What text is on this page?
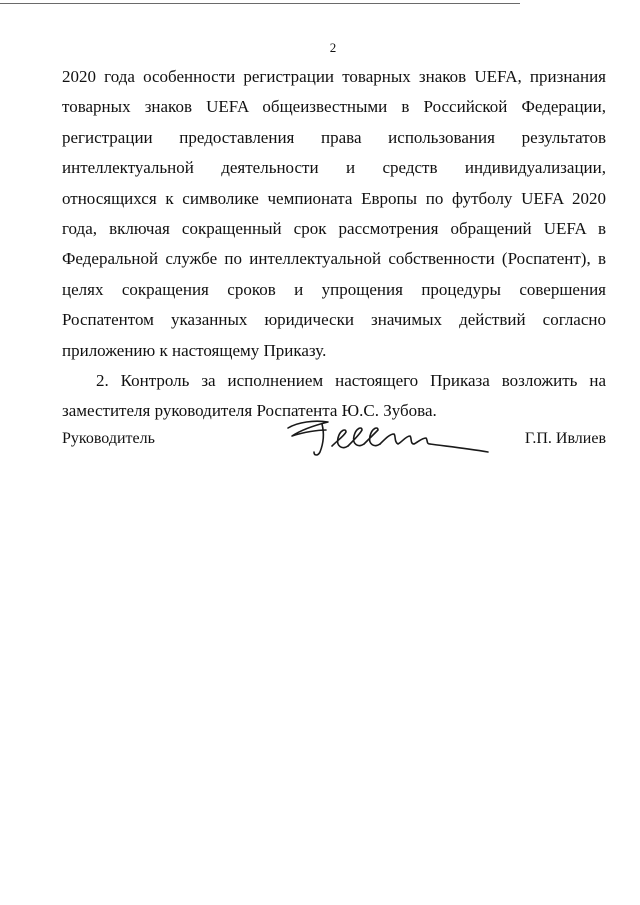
2

2020 года особенности регистрации товарных знаков UEFA, признания товарных знаков UEFA общеизвестными в Российской Федерации, регистрации предоставления права использования результатов интеллектуальной деятельности и средств индивидуализации, относящихся к символике чемпионата Европы по футболу UEFA 2020 года, включая сокращенный срок рассмотрения обращений UEFA в Федеральной службе по интеллектуальной собственности (Роспатент), в целях сокращения сроков и упрощения процедуры совершения Роспатентом указанных юридически значимых действий согласно приложению к настоящему Приказу.

2. Контроль за исполнением настоящего Приказа возложить на заместителя руководителя Роспатента Ю.С. Зубова.

Руководитель	Г.П. Ивлиев
